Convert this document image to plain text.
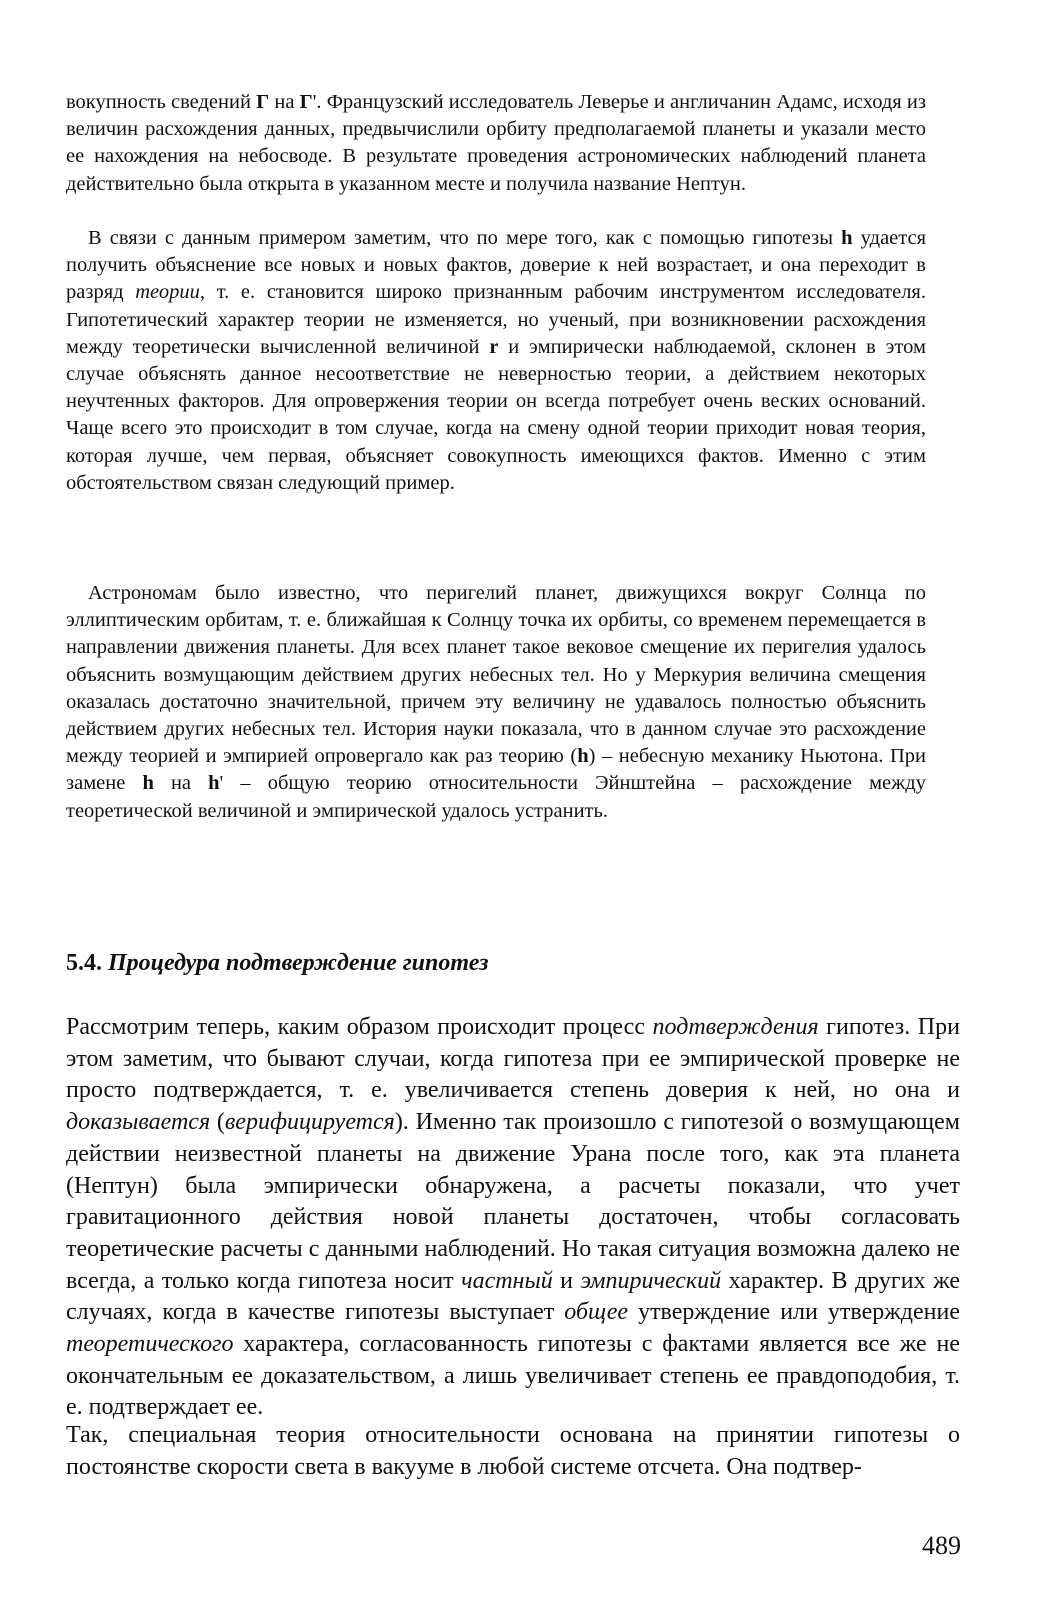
вокупность сведений Г на Г'. Французский исследователь Леверье и англичанин Адамс, исходя из величин расхождения данных, предвычислили орбиту предполагаемой планеты и указали место ее нахождения на небосводе. В результате проведения астрономических наблюдений планета действительно была открыта в указанном месте и получила название Нептун.

В связи с данным примером заметим, что по мере того, как с помощью гипотезы h удается получить объяснение все новых и новых фактов, доверие к ней возрастает, и она переходит в разряд теории, т. е. становится широко признанным рабочим инструментом исследователя. Гипотетический характер теории не изменяется, но ученый, при возникновении расхождения между теоретически вычисленной величиной r и эмпирически наблюдаемой, склонен в этом случае объяснять данное несоответствие не неверностью теории, а действием некоторых неучтенных факторов. Для опровержения теории он всегда потребует очень веских оснований. Чаще всего это происходит в том случае, когда на смену одной теории приходит новая теория, которая лучше, чем первая, объясняет совокупность имеющихся фактов. Именно с этим обстоятельством связан следующий пример.

Астрономам было известно, что перигелий планет, движущихся вокруг Солнца по эллиптическим орбитам, т. е. ближайшая к Солнцу точка их орбиты, со временем перемещается в направлении движения планеты. Для всех планет такое вековое смещение их перигелия удалось объяснить возмущающим действием других небесных тел. Но у Меркурия величина смещения оказалась достаточно значительной, причем эту величину не удавалось полностью объяснить действием других небесных тел. История науки показала, что в данном случае это расхождение между теорией и эмпирией опровергало как раз теорию (h) – небесную механику Ньютона. При замене h на h' – общую теорию относительности Эйнштейна – расхождение между теоретической величиной и эмпирической удалось устранить.

5.4. Процедура подтверждение гипотез

Рассмотрим теперь, каким образом происходит процесс подтверждения гипотез. При этом заметим, что бывают случаи, когда гипотеза при ее эмпирической проверке не просто подтверждается, т. е. увеличивается степень доверия к ней, но она и доказывается (верифицируется). Именно так произошло с гипотезой о возмущающем действии неизвестной планеты на движение Урана после того, как эта планета (Нептун) была эмпирически обнаружена, а расчеты показали, что учет гравитационного действия новой планеты достаточен, чтобы согласовать теоретические расчеты с данными наблюдений. Но такая ситуация возможна далеко не всегда, а только когда гипотеза носит частный и эмпирический характер. В других же случаях, когда в качестве гипотезы выступает общее утверждение или утверждение теоретического характера, согласованность гипотезы с фактами является все же не окончательным ее доказательством, а лишь увеличивает степень ее правдоподобия, т. е. подтверждает ее.

Так, специальная теория относительности основана на принятии гипотезы о постоянстве скорости света в вакууме в любой системе отсчета. Она подтвер-

489
